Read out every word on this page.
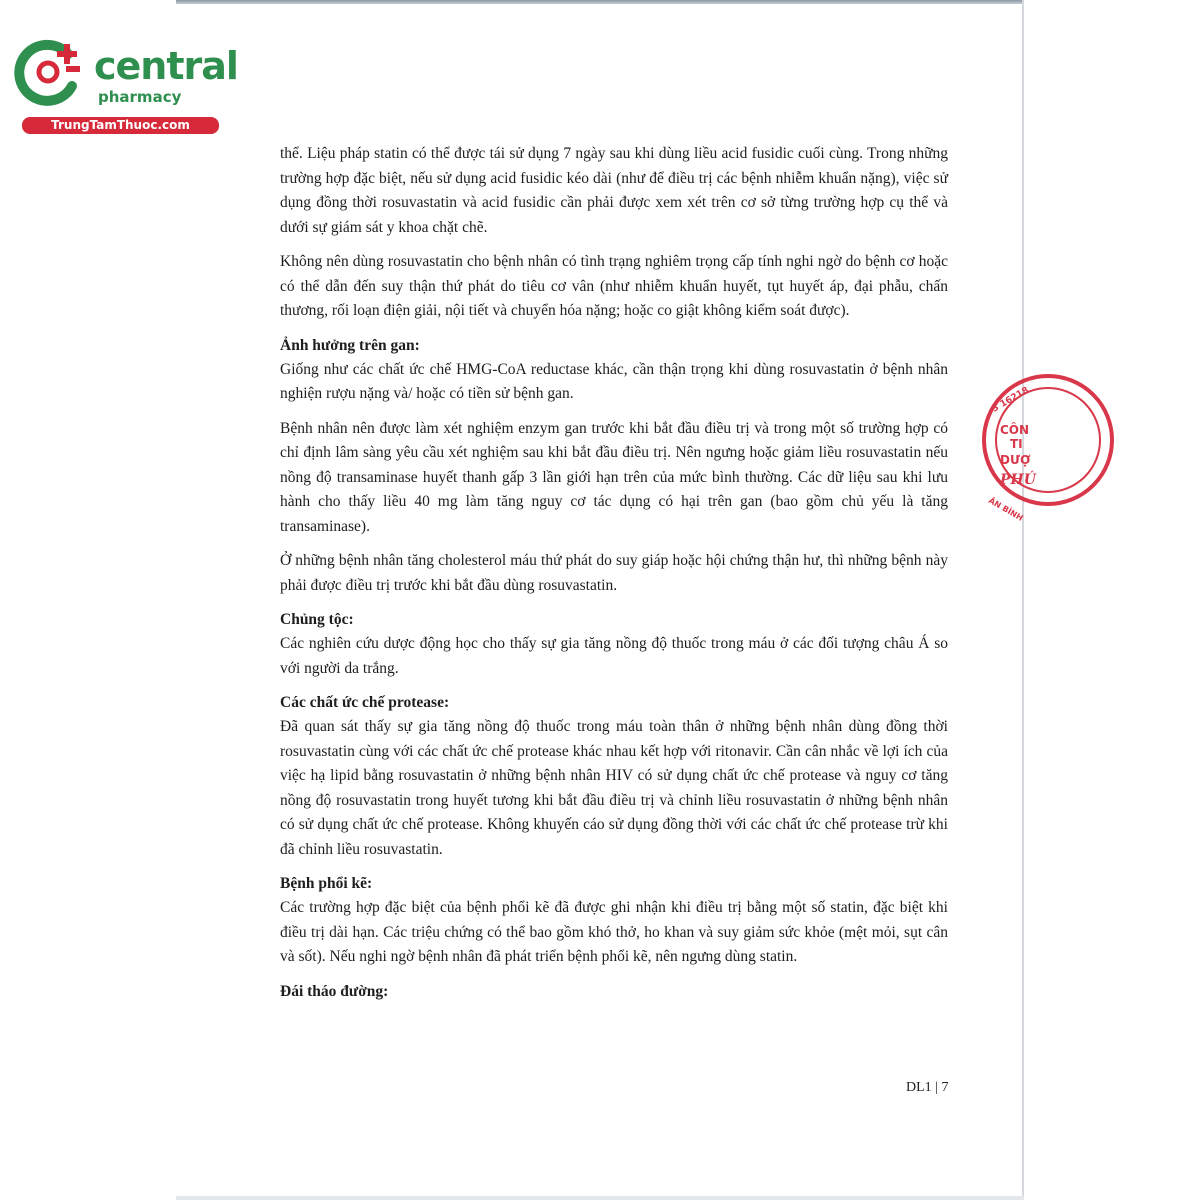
central
pharmacy
TrungTamThuoc.com
3 16218
CÔN
TI
DƯỢ
PHÚ
ÂN BÌNH

thể. Liệu pháp statin có thể được tái sử dụng 7 ngày sau khi dùng liều acid fusidic cuối cùng. Trong những trường hợp đặc biệt, nếu sử dụng acid fusidic kéo dài (như để điều trị các bệnh nhiễm khuẩn nặng), việc sử dụng đồng thời rosuvastatin và acid fusidic cần phải được xem xét trên cơ sở từng trường hợp cụ thể và dưới sự giám sát y khoa chặt chẽ.

Không nên dùng rosuvastatin cho bệnh nhân có tình trạng nghiêm trọng cấp tính nghi ngờ do bệnh cơ hoặc có thể dẫn đến suy thận thứ phát do tiêu cơ vân (như nhiễm khuẩn huyết, tụt huyết áp, đại phẫu, chấn thương, rối loạn điện giải, nội tiết và chuyển hóa nặng; hoặc co giật không kiểm soát được).

Ảnh hưởng trên gan:

Giống như các chất ức chế HMG-CoA reductase khác, cần thận trọng khi dùng rosuvastatin ở bệnh nhân nghiện rượu nặng và/ hoặc có tiền sử bệnh gan.

Bệnh nhân nên được làm xét nghiệm enzym gan trước khi bắt đầu điều trị và trong một số trường hợp có chỉ định lâm sàng yêu cầu xét nghiệm sau khi bắt đầu điều trị. Nên ngưng hoặc giảm liều rosuvastatin nếu nồng độ transaminase huyết thanh gấp 3 lần giới hạn trên của mức bình thường. Các dữ liệu sau khi lưu hành cho thấy liều 40 mg làm tăng nguy cơ tác dụng có hại trên gan (bao gồm chủ yếu là tăng transaminase).

Ở những bệnh nhân tăng cholesterol máu thứ phát do suy giáp hoặc hội chứng thận hư, thì những bệnh này phải được điều trị trước khi bắt đầu dùng rosuvastatin.

Chủng tộc:

Các nghiên cứu dược động học cho thấy sự gia tăng nồng độ thuốc trong máu ở các đối tượng châu Á so với người da trắng.

Các chất ức chế protease:

Đã quan sát thấy sự gia tăng nồng độ thuốc trong máu toàn thân ở những bệnh nhân dùng đồng thời rosuvastatin cùng với các chất ức chế protease khác nhau kết hợp với ritonavir. Cần cân nhắc về lợi ích của việc hạ lipid bằng rosuvastatin ở những bệnh nhân HIV có sử dụng chất ức chế protease và nguy cơ tăng nồng độ rosuvastatin trong huyết tương khi bắt đầu điều trị và chỉnh liều rosuvastatin ở những bệnh nhân có sử dụng chất ức chế protease. Không khuyến cáo sử dụng đồng thời với các chất ức chế protease trừ khi đã chỉnh liều rosuvastatin.

Bệnh phổi kẽ:

Các trường hợp đặc biệt của bệnh phổi kẽ đã được ghi nhận khi điều trị bằng một số statin, đặc biệt khi điều trị dài hạn. Các triệu chứng có thể bao gồm khó thở, ho khan và suy giảm sức khỏe (mệt mỏi, sụt cân và sốt). Nếu nghi ngờ bệnh nhân đã phát triển bệnh phổi kẽ, nên ngưng dùng statin.

Đái tháo đường:
DL1 | 7
